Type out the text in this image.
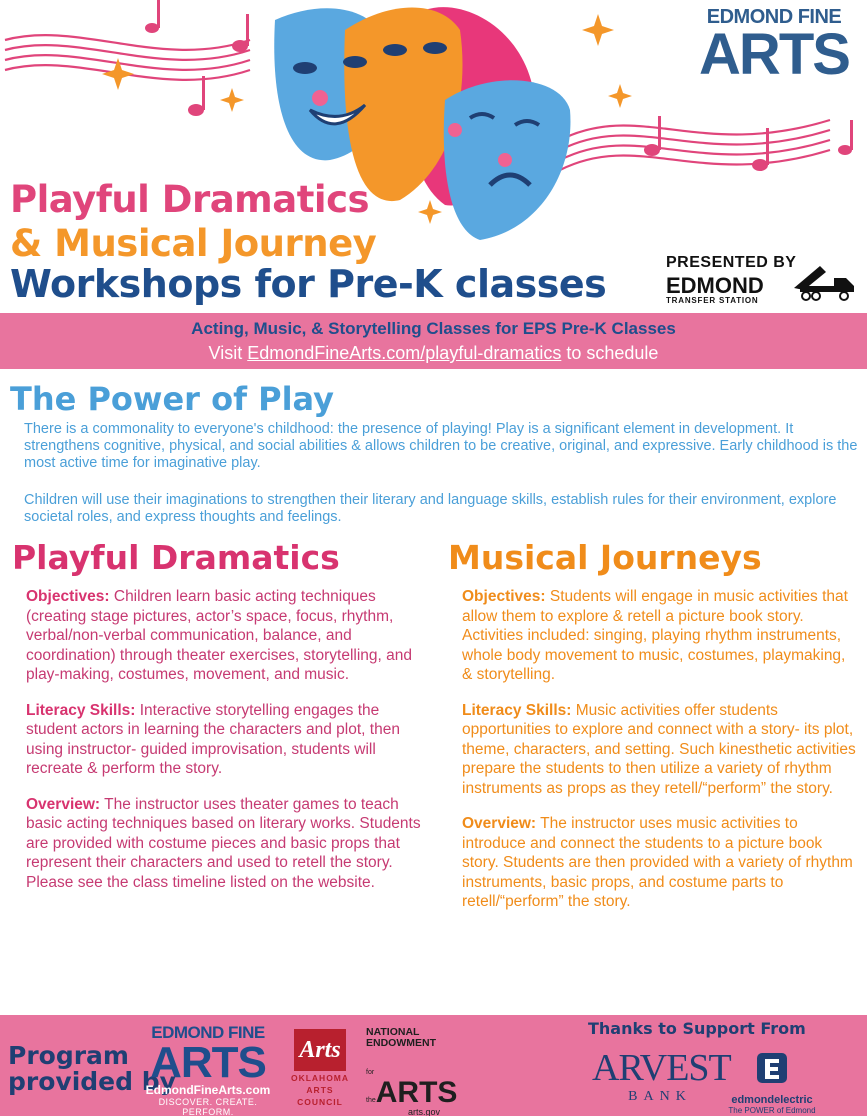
EDMOND FINE
ARTS
Playful Dramatics
& Musical Journey
Workshops for Pre-K classes	PRESENTED BY
EDMOND
TRANSFER STATION
Acting, Music, & Storytelling Classes for EPS Pre-K Classes
Visit EdmondFineArts.com/playful-dramatics to schedule
The Power of Play
There is a commonality to everyone's childhood: the presence of playing! Play is a significant element in development. It strengthens cognitive, physical, and social abilities & allows children to be creative, original, and expressive. Early childhood is the most active time for imaginative play.
Children will use their imaginations to strengthen their literary and language skills, establish rules for their environment, explore societal roles, and express thoughts and feelings.
Playful Dramatics

Objectives: Children learn basic acting techniques (creating stage pictures, actor’s space, focus, rhythm, verbal/non-verbal communication, balance, and coordination) through theater exercises, storytelling, and play-making, costumes, movement, and music.

Literacy Skills: Interactive storytelling engages the student actors in learning the characters and plot, then using instructor- guided improvisation, students will recreate & perform the story.

Overview: The instructor uses theater games to teach basic acting techniques based on literary works. Students are provided with costume pieces and basic props that represent their characters and used to retell the story. Please see the class timeline listed on the website.

Musical Journeys

Objectives: Students will engage in music activities that allow them to explore & retell a picture book story. Activities included: singing, playing rhythm instruments, whole body movement to music, costumes, playmaking, & storytelling.

Literacy Skills: Music activities offer students opportunities to explore and connect with a story- its plot, theme, characters, and setting. Such kinesthetic activities prepare the students to then utilize a variety of rhythm instruments as props as they retell/“perform” the story.

Overview: The instructor uses music activities to introduce and connect the students to a picture book story. Students are then provided with a variety of rhythm instruments, basic props, and costume parts to retell/“perform” the story.

Program
provided by
EDMOND FINE
ARTS
EdmondFineArts.com
DISCOVER. CREATE. PERFORM.
Arts
OKLAHOMA
ARTS
COUNCIL
NATIONAL
ENDOWMENT
for theARTS
arts.gov
Thanks to Support From
ARVEST
BANK	edmondelectric
The POWER of Edmond
